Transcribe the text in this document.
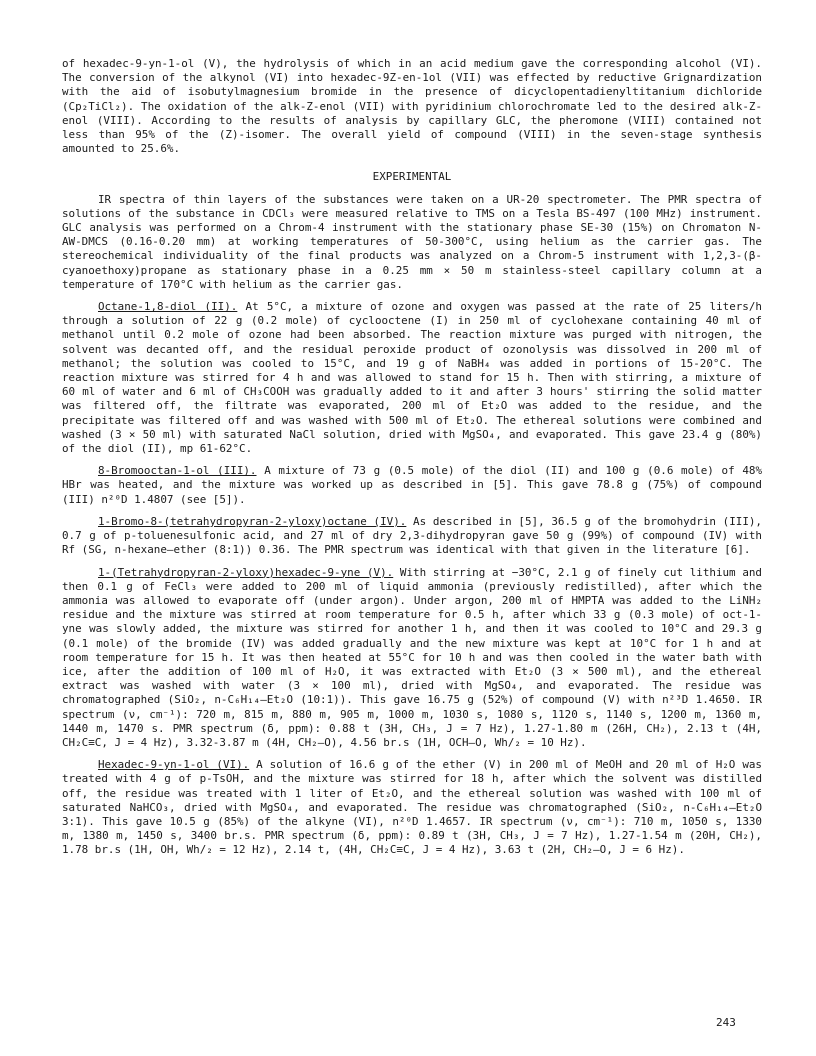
of hexadec-9-yn-1-ol (V), the hydrolysis of which in an acid medium gave the corresponding alcohol (VI). The conversion of the alkynol (VI) into hexadec-9Z-en-1ol (VII) was effected by reductive Grignardization with the aid of isobutylmagnesium bromide in the presence of dicyclopentadienyltitanium dichloride (Cp₂TiCl₂). The oxidation of the alk-Z-enol (VII) with pyridinium chlorochromate led to the desired alk-Z-enol (VIII). According to the results of analysis by capillary GLC, the pheromone (VIII) contained not less than 95% of the (Z)-isomer. The overall yield of compound (VIII) in the seven-stage synthesis amounted to 25.6%.

EXPERIMENTAL

IR spectra of thin layers of the substances were taken on a UR-20 spectrometer. The PMR spectra of solutions of the substance in CDCl₃ were measured relative to TMS on a Tesla BS-497 (100 MHz) instrument. GLC analysis was performed on a Chrom-4 instrument with the stationary phase SE-30 (15%) on Chromaton N-AW-DMCS (0.16-0.20 mm) at working temperatures of 50-300°C, using helium as the carrier gas. The stereochemical individuality of the final products was analyzed on a Chrom-5 instrument with 1,2,3-(β-cyanoethoxy)propane as stationary phase in a 0.25 mm × 50 m stainless-steel capillary column at a temperature of 170°C with helium as the carrier gas.

Octane-1,8-diol (II). At 5°C, a mixture of ozone and oxygen was passed at the rate of 25 liters/h through a solution of 22 g (0.2 mole) of cyclooctene (I) in 250 ml of cyclohexane containing 40 ml of methanol until 0.2 mole of ozone had been absorbed. The reaction mixture was purged with nitrogen, the solvent was decanted off, and the residual peroxide product of ozonolysis was dissolved in 200 ml of methanol; the solution was cooled to 15°C, and 19 g of NaBH₄ was added in portions of 15-20°C. The reaction mixture was stirred for 4 h and was allowed to stand for 15 h. Then with stirring, a mixture of 60 ml of water and 6 ml of CH₃COOH was gradually added to it and after 3 hours' stirring the solid matter was filtered off, the filtrate was evaporated, 200 ml of Et₂O was added to the residue, and the precipitate was filtered off and was washed with 500 ml of Et₂O. The ethereal solutions were combined and washed (3 × 50 ml) with saturated NaCl solution, dried with MgSO₄, and evaporated. This gave 23.4 g (80%) of the diol (II), mp 61-62°C.

8-Bromooctan-1-ol (III). A mixture of 73 g (0.5 mole) of the diol (II) and 100 g (0.6 mole) of 48% HBr was heated, and the mixture was worked up as described in [5]. This gave 78.8 g (75%) of compound (III) n²⁰D 1.4807 (see [5]).

1-Bromo-8-(tetrahydropyran-2-yloxy)octane (IV). As described in [5], 36.5 g of the bromohydrin (III), 0.7 g of p-toluenesulfonic acid, and 27 ml of dry 2,3-dihydropyran gave 50 g (99%) of compound (IV) with Rf (SG, n-hexane–ether (8:1)) 0.36. The PMR spectrum was identical with that given in the literature [6].

1-(Tetrahydropyran-2-yloxy)hexadec-9-yne (V). With stirring at −30°C, 2.1 g of finely cut lithium and then 0.1 g of FeCl₃ were added to 200 ml of liquid ammonia (previously redistilled), after which the ammonia was allowed to evaporate off (under argon). Under argon, 200 ml of HMPTA was added to the LiNH₂ residue and the mixture was stirred at room temperature for 0.5 h, after which 33 g (0.3 mole) of oct-1-yne was slowly added, the mixture was stirred for another 1 h, and then it was cooled to 10°C and 29.3 g (0.1 mole) of the bromide (IV) was added gradually and the new mixture was kept at 10°C for 1 h and at room temperature for 15 h. It was then heated at 55°C for 10 h and was then cooled in the water bath with ice, after the addition of 100 ml of H₂O, it was extracted with Et₂O (3 × 500 ml), and the ethereal extract was washed with water (3 × 100 ml), dried with MgSO₄, and evaporated. The residue was chromatographed (SiO₂, n-C₆H₁₄–Et₂O (10:1)). This gave 16.75 g (52%) of compound (V) with n²³D 1.4650. IR spectrum (ν, cm⁻¹): 720 m, 815 m, 880 m, 905 m, 1000 m, 1030 s, 1080 s, 1120 s, 1140 s, 1200 m, 1360 m, 1440 m, 1470 s. PMR spectrum (δ, ppm): 0.88 t (3H, CH₃, J = 7 Hz), 1.27-1.80 m (26H, CH₂), 2.13 t (4H, CH₂C≡C, J = 4 Hz), 3.32-3.87 m (4H, CH₂–O), 4.56 br.s (1H, OCH–O, Wh/₂ = 10 Hz).

Hexadec-9-yn-1-ol (VI). A solution of 16.6 g of the ether (V) in 200 ml of MeOH and 20 ml of H₂O was treated with 4 g of p-TsOH, and the mixture was stirred for 18 h, after which the solvent was distilled off, the residue was treated with 1 liter of Et₂O, and the ethereal solution was washed with 100 ml of saturated NaHCO₃, dried with MgSO₄, and evaporated. The residue was chromatographed (SiO₂, n-C₆H₁₄–Et₂O 3:1). This gave 10.5 g (85%) of the alkyne (VI), n²⁰D 1.4657. IR spectrum (ν, cm⁻¹): 710 m, 1050 s, 1330 m, 1380 m, 1450 s, 3400 br.s. PMR spectrum (δ, ppm): 0.89 t (3H, CH₃, J = 7 Hz), 1.27-1.54 m (20H, CH₂), 1.78 br.s (1H, OH, Wh/₂ = 12 Hz), 2.14 t, (4H, CH₂C≡C, J = 4 Hz), 3.63 t (2H, CH₂–O, J = 6 Hz).

243
